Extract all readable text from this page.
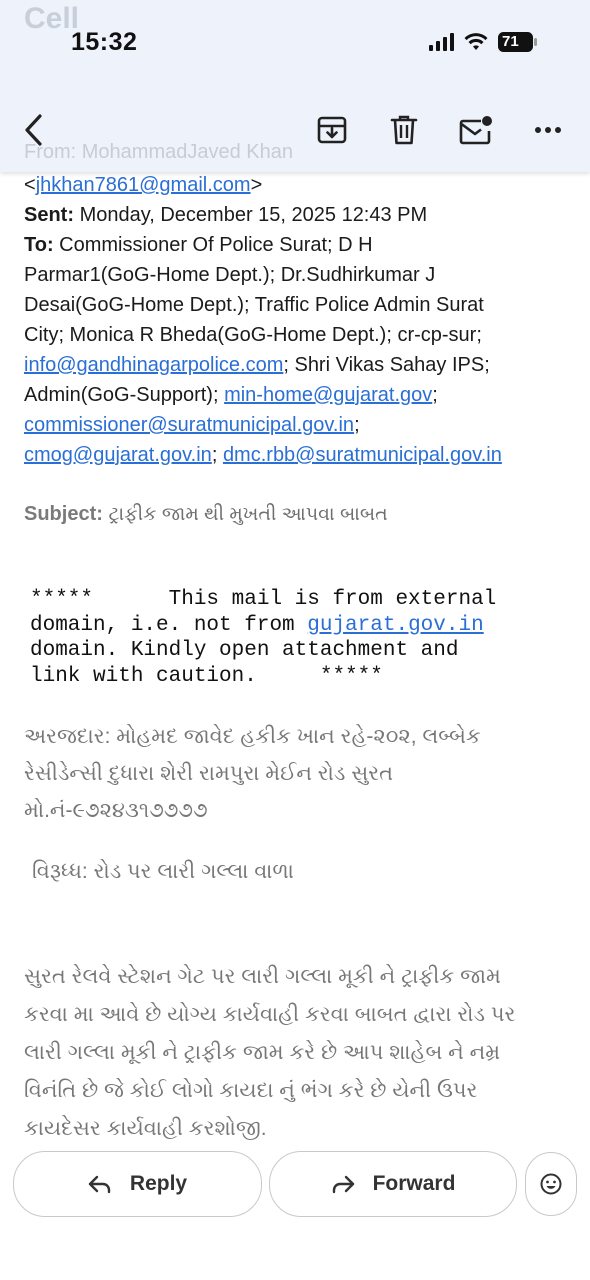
Cell
15:32	71
From: MohammadJaved Khan
<jhkhan7861@gmail.com>
Sent: Monday, December 15, 2025 12:43 PM
To: Commissioner Of Police Surat; D H
Parmar1(GoG-Home Dept.); Dr.Sudhirkumar J
Desai(GoG-Home Dept.); Traffic Police Admin Surat
City; Monica R Bheda(GoG-Home Dept.); cr-cp-sur;
info@gandhinagarpolice.com; Shri Vikas Sahay IPS;
Admin(GoG-Support); min-home@gujarat.gov;
commissioner@suratmunicipal.gov.in;
cmog@gujarat.gov.in; dmc.rbb@suratmunicipal.gov.in
Subject: ટ્રાફીક જામ થી મુખતી આપવા બાબત
*****      This mail is from external
domain, i.e. not from gujarat.gov.in
domain. Kindly open attachment and
link with caution.     *****
અરજદાર: મોહમદ જાવેદ હકીક ખાન રહે-૨૦૨, લબ્બેક
રેસીડેન્સી દુધારા શેરી રામપુરા મેઈન રોડ સુરત
મો.નં-૯૭૨૪૩૧૭૭૭૭
વિરૂધ્ધ: રોડ પર લારી ગલ્લા વાળા
સુરત રેલવે સ્ટેશન ગેટ પર લારી ગલ્લા મૂકી ને ટ્રાફીક જામ
કરવા મા આવે છે યોગ્ય કાર્યવાહી કરવા બાબત દ્વારા રોડ પર
લારી ગલ્લા મૂકી ને ટ્રાફીક જામ કરે છે આપ શાહેબ ને નમ્ર
વિનંતિ છે જે કોઈ લોગો કાયદા નું ભંગ કરે છે યેની ઉપર
કાયદેસર કાર્યવાહી કરશોજી.
Reply	Forward
